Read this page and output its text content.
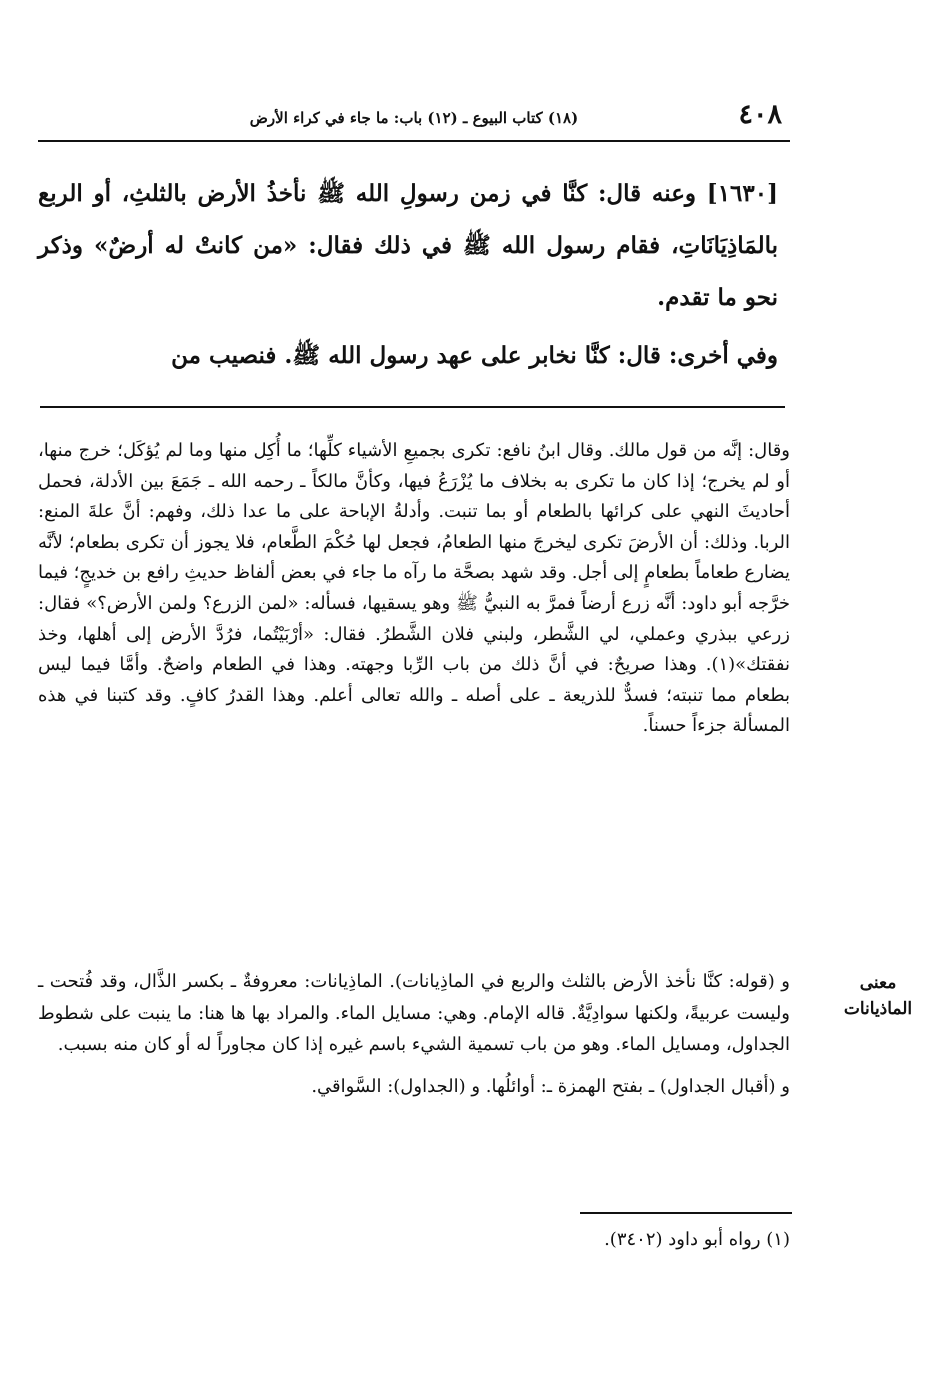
٤٠٨
(١٨) كتاب البيوع ـ (١٢) باب: ما جاء في كراء الأرض

[١٦٣٠] وعنه قال: كنَّا في زمن رسولِ الله ﷺ نأخذُ الأرض بالثلثِ، أو الربع بالمَاذِيَانَاتِ، فقام رسول الله ﷺ في ذلك فقال: «من كانتْ له أرضٌ» وذكر نحو ما تقدم.

وفي أخرى: قال: كنَّا نخابر على عهد رسول الله ﷺ. فنصيب من

وقال: إنَّه من قول مالك. وقال ابنُ نافع: تكرى بجميعِ الأشياء كلِّها؛ ما أُكِل منها وما لم يُؤكَل؛ خرج منها، أو لم يخرج؛ إذا كان ما تكرى به بخلاف ما يُزْرَعُ فيها، وكأنَّ مالكاً ـ رحمه الله ـ جَمَعَ بين الأدلة، فحمل أحاديثَ النهي على كرائها بالطعام أو بما تنبت. وأدلةُ الإباحة على ما عدا ذلك، وفهم: أنَّ علةَ المنع: الربا. وذلك: أن الأرضَ تكرى ليخرجَ منها الطعامُ، فجعل لها حُكْمَ الطَّعام، فلا يجوز أن تكرى بطعام؛ لأنَّه يضارع طعاماً بطعامٍ إلى أجل. وقد شهد بصحَّة ما رآه ما جاء في بعض ألفاظ حديثِ رافع بن خديجٍ؛ فيما خرَّجه أبو داود: أنَّه زرع أرضاً فمرَّ به النبيُّ ﷺ وهو يسقيها، فسأله: «لمن الزرع؟ ولمن الأرض؟» فقال: زرعي ببذري وعملي، لي الشَّطر، ولبني فلان الشَّطرُ. فقال: «أرْبَيْتُما، فرُدَّ الأرض إلى أهلها، وخذ نفقتك»(١). وهذا صريحٌ: في أنَّ ذلك من باب الرِّبا وجهته. وهذا في الطعام واضحٌ. وأمَّا فيما ليس بطعام مما تنبته؛ فسدٌّ للذريعة ـ على أصله ـ والله تعالى أعلم. وهذا القدرُ كافٍ. وقد كتبنا في هذه المسألة جزءاً حسناً.

معنى
الماذيانات

و (قوله: كنَّا نأخذ الأرض بالثلث والربع في الماذِيانات). الماذِيانات: معروفةٌ ـ بكسر الذَّال، وقد فُتحت ـ وليست عربيةً، ولكنها سوادِيَّةٌ. قاله الإمام. وهي: مسايل الماء. والمراد بها ها هنا: ما ينبت على شطوط الجداول، ومسايل الماء. وهو من باب تسمية الشيء باسم غيره إذا كان مجاوراً له أو كان منه بسبب.

و (أقبال الجداول) ـ بفتح الهمزة ـ: أوائلُها. و (الجداول): السَّواقي.

(١) رواه أبو داود (٣٤٠٢).
